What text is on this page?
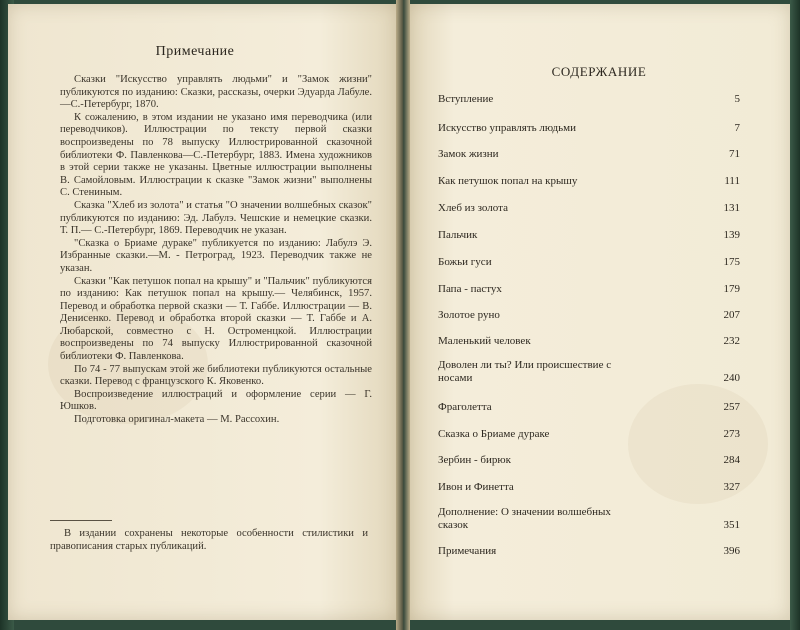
Примечание

Сказки "Искусство управлять людьми" и "Замок жизни" публикуются по изданию: Сказки, рассказы, очерки Эдуарда Лабуле.—С.-Петербург, 1870.

К сожалению, в этом издании не указано имя переводчика (или переводчиков). Иллюстрации по тексту первой сказки воспроизведены по 78 выпуску Иллюстрированной сказочной библиотеки Ф. Павленкова—С.-Петербург, 1883. Имена художников в этой серии также не указаны. Цветные иллюстрации выполнены В. Самойловым. Иллюстрации к сказке "Замок жизни" выполнены С. Стениным.

Сказка "Хлеб из золота" и статья "О значении волшебных сказок" публикуются по изданию: Эд. Лабулэ. Чешские и немецкие сказки. Т. П.— С.-Петербург, 1869. Переводчик не указан.

"Сказка о Бриаме дураке" публикуется по изданию: Лабулэ Э. Избранные сказки.—М. - Петроград, 1923. Переводчик также не указан.

Сказки "Как петушок попал на крышу" и "Пальчик" публикуются по изданию: Как петушок попал на крышу.— Челябинск, 1957. Перевод и обработка первой сказки — Т. Габбе. Иллюстрации — В. Денисенко. Перевод и обработка второй сказки — Т. Габбе и А. Любарской, совместно с Н. Остроменцкой. Иллюстрации воспроизведены по 74 выпуску Иллюстрированной сказочной библиотеки Ф. Павленкова.

По 74 - 77 выпускам этой же библиотеки публикуются остальные сказки. Перевод с французского К. Яковенко.

Воспроизведение иллюстраций и оформление серии — Г. Юшков.

Подготовка оригинал-макета — М. Рассохин.

В издании сохранены некоторые особенности стилистики и правописания старых публикаций.

СОДЕРЖАНИЕ
Вступление	5
Искусство управлять людьми	7
Замок жизни	71
Как петушок попал на крышу	111
Хлеб из золота	131
Пальчик	139
Божьи гуси	175
Папа - пастух	179
Золотое руно	207
Маленький человек	232
Доволен ли ты? Или происшествие с носами	240
Фраголетта	257
Сказка о Бриаме дураке	273
Зербин - бирюк	284
Ивон и Финетта	327
Дополнение: О значении волшебных сказок	351
Примечания	396
